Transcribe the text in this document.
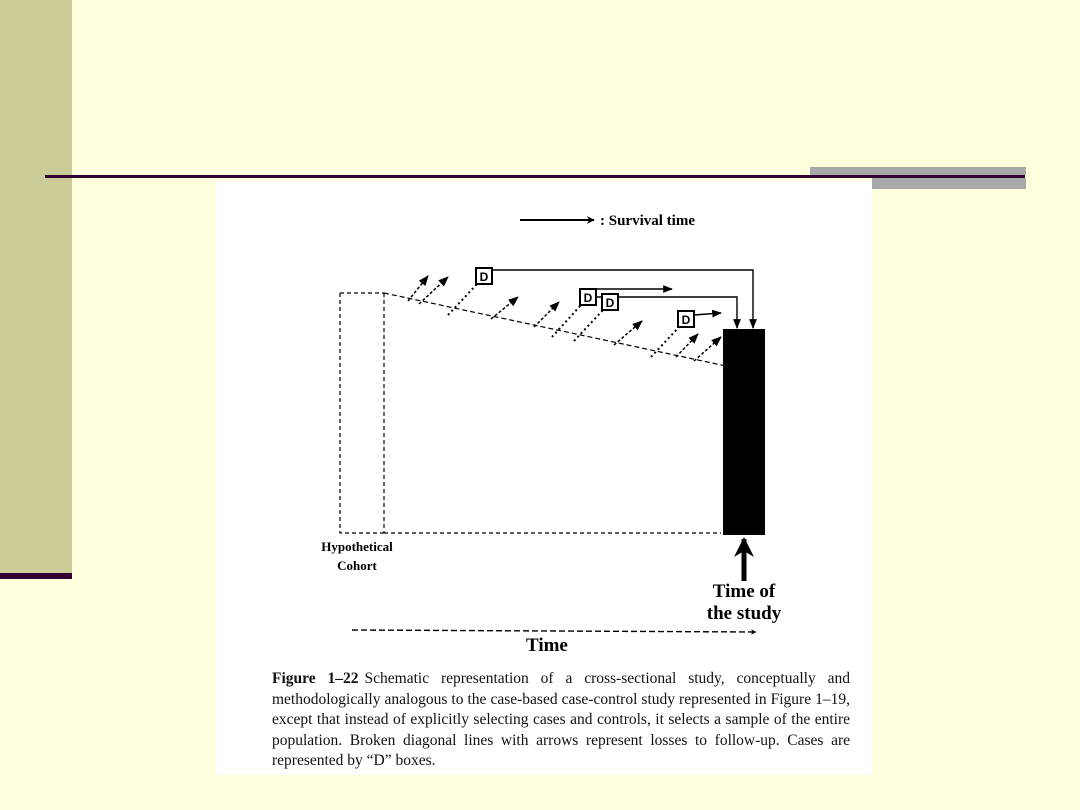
D
D D
D
: Survival time
Hypothetical
Cohort
Time of
the study
Time
Figure 1–22 Schematic representation of a cross-sectional study, conceptually and methodologically analogous to the case-based case-control study represented in Figure 1–19, except that instead of explicitly selecting cases and controls, it selects a sample of the entire population. Broken diagonal lines with arrows represent losses to follow-up. Cases are represented by “D” boxes.
